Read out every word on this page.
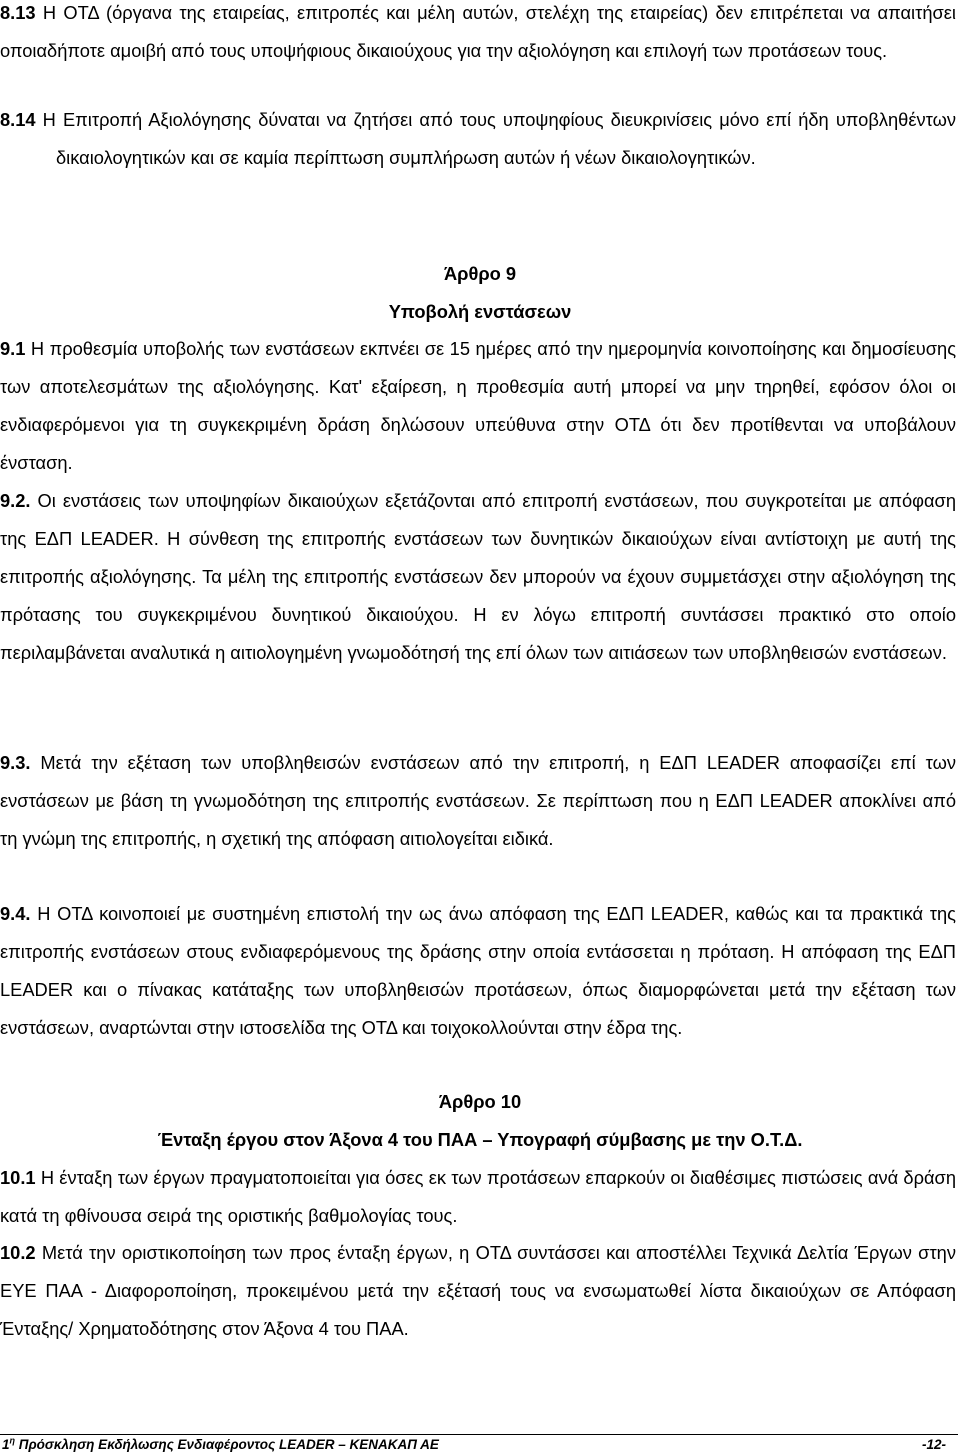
8.13 Η ΟΤΔ (όργανα της εταιρείας, επιτροπές και μέλη αυτών, στελέχη της εταιρείας) δεν επιτρέπεται να απαιτήσει οποιαδήποτε αμοιβή από τους υποψήφιους δικαιούχους για την αξιολόγηση και επιλογή των προτάσεων τους.

8.14 Η Επιτροπή Αξιολόγησης δύναται να ζητήσει από τους υποψηφίους διευκρινίσεις μόνο επί ήδη υποβληθέντων δικαιολογητικών και σε καμία περίπτωση συμπλήρωση αυτών ή νέων δικαιολογητικών.

Άρθρο 9

Υποβολή ενστάσεων

9.1 Η προθεσμία υποβολής των ενστάσεων εκπνέει σε 15 ημέρες από την ημερομηνία κοινοποίησης και δημοσίευσης των αποτελεσμάτων της αξιολόγησης. Κατ' εξαίρεση, η προθεσμία αυτή μπορεί να μην τηρηθεί, εφόσον όλοι οι ενδιαφερόμενοι για τη συγκεκριμένη δράση δηλώσουν υπεύθυνα στην ΟΤΔ ότι δεν προτίθενται να υποβάλουν ένσταση.

9.2. Οι ενστάσεις των υποψηφίων δικαιούχων εξετάζονται από επιτροπή ενστάσεων, που συγκροτείται με απόφαση της ΕΔΠ LEADER. Η σύνθεση της επιτροπής ενστάσεων των δυνητικών δικαιούχων είναι αντίστοιχη με αυτή της επιτροπής αξιολόγησης. Τα μέλη της επιτροπής ενστάσεων δεν μπορούν να έχουν συμμετάσχει στην αξιολόγηση της πρότασης του συγκεκριμένου δυνητικού δικαιούχου. Η εν λόγω επιτροπή συντάσσει πρακτικό στο οποίο περιλαμβάνεται αναλυτικά η αιτιολογημένη γνωμοδότησή της επί όλων των αιτιάσεων των υποβληθεισών ενστάσεων.

9.3. Μετά την εξέταση των υποβληθεισών ενστάσεων από την επιτροπή, η ΕΔΠ LEADER αποφασίζει επί των ενστάσεων με βάση τη γνωμοδότηση της επιτροπής ενστάσεων. Σε περίπτωση που η ΕΔΠ LEADER αποκλίνει από τη γνώμη της επιτροπής, η σχετική της απόφαση αιτιολογείται ειδικά.

9.4. Η ΟΤΔ κοινοποιεί με συστημένη επιστολή την ως άνω απόφαση της ΕΔΠ LEADER, καθώς και τα πρακτικά της επιτροπής ενστάσεων στους ενδιαφερόμενους της δράσης στην οποία εντάσσεται η πρόταση. Η απόφαση της ΕΔΠ LEADER και ο πίνακας κατάταξης των υποβληθεισών προτάσεων, όπως διαμορφώνεται μετά την εξέταση των ενστάσεων, αναρτώνται στην ιστοσελίδα της ΟΤΔ και τοιχοκολλούνται στην έδρα της.

Άρθρο 10

Ένταξη έργου στον Άξονα 4 του ΠΑΑ – Υπογραφή σύμβασης με την Ο.Τ.Δ.

10.1 Η ένταξη των έργων πραγματοποιείται για όσες εκ των προτάσεων επαρκούν οι διαθέσιμες πιστώσεις ανά δράση κατά τη φθίνουσα σειρά της οριστικής βαθμολογίας τους.

10.2 Μετά την οριστικοποίηση των προς ένταξη έργων, η ΟΤΔ συντάσσει και αποστέλλει Τεχνικά Δελτία Έργων στην ΕΥΕ ΠΑΑ - Διαφοροποίηση, προκειμένου μετά την εξέτασή τους να ενσωματωθεί λίστα δικαιούχων σε Απόφαση Ένταξης/ Χρηματοδότησης στον Άξονα 4 του ΠΑΑ.

$1^\eta$ Πρόσκληση Εκδήλωσης Ενδιαφέροντος LEADER – ΚΕΝΑΚΑΠ ΑΕ	-12-
